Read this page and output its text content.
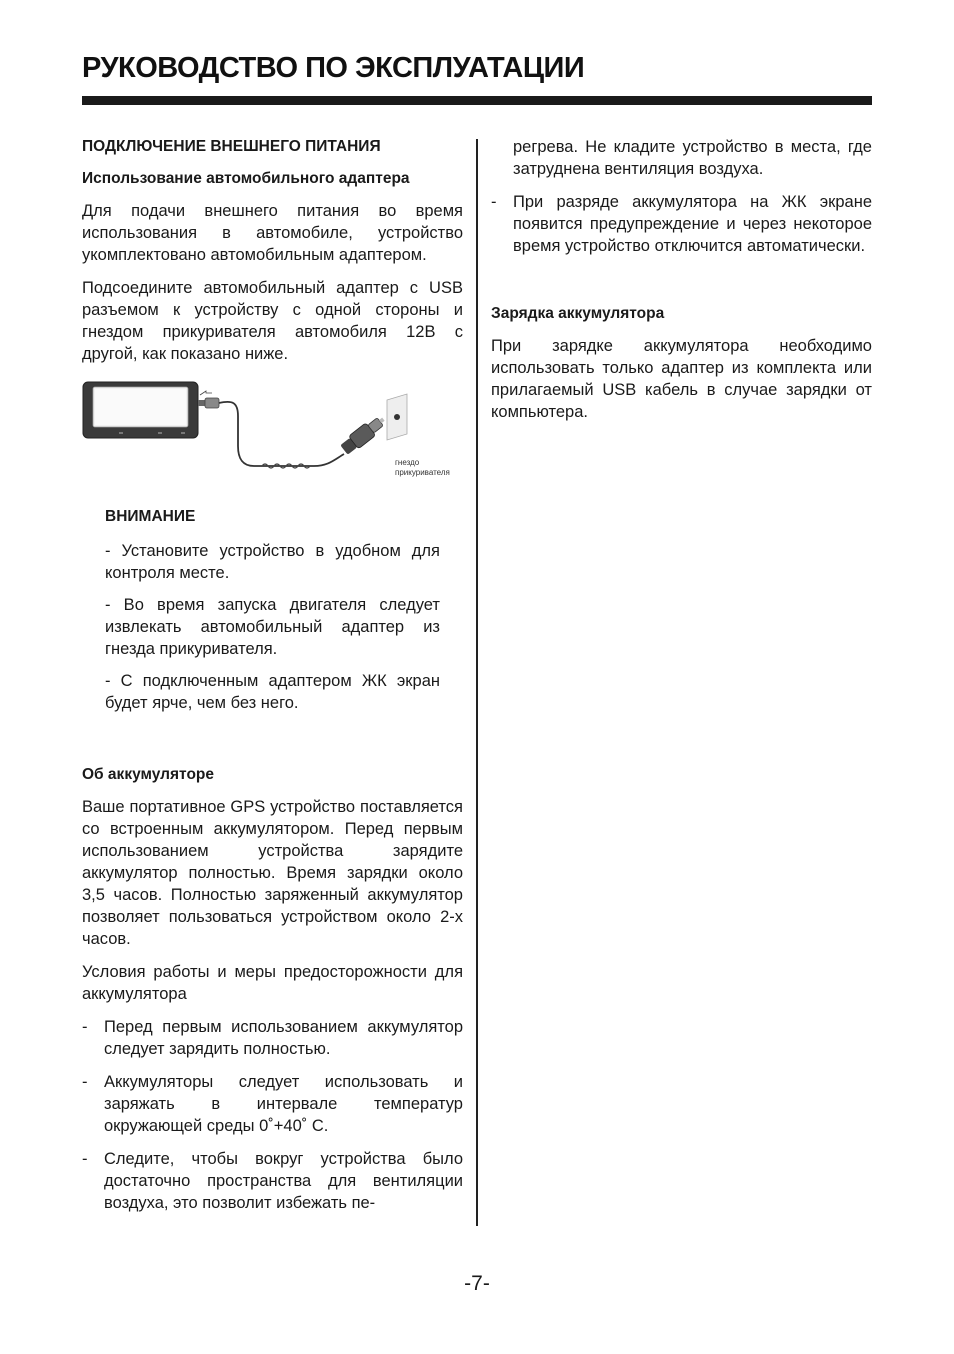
РУКОВОДСТВО ПО ЭКСПЛУАТАЦИИ
ПОДКЛЮЧЕНИЕ ВНЕШНЕГО ПИТАНИЯ
Использование автомобильного адаптера

Для подачи внешнего питания во время использования в автомобиле, устройство укомплектовано автомобильным адаптером.

Подсоедините автомобильный адаптер с USB разъемом к устройству с одной стороны и гнездом прикуривателя автомобиля 12В с другой, как показано ниже.

гнездо
прикуривателя
ВНИМАНИЕ

- Установите устройство в удобном для контроля месте.

- Во время запуска двигателя следует извлекать автомобильный адаптер из гнезда прикуривателя.

- С подключенным адаптером ЖК экран будет ярче, чем без него.

Об аккумуляторе

Ваше портативное GPS устройство поставляется со встроенным аккумулятором. Перед первым использованием устройства зарядите аккумулятор полностью. Время зарядки около 3,5 часов. Полностью заряженный аккумулятор позволяет пользоваться устройством около 2-х часов.

Условия работы и меры предосторожности для аккумулятора

- Перед первым использованием аккумулятор следует зарядить полностью.
- Аккумуляторы следует использовать и заряжать в интервале температур окружающей среды 0˚+40˚ С.
- Следите, чтобы вокруг устройства было достаточно пространства для вентиляции воздуха, это позволит избежать пе-

регрева. Не кладите устройство в места, где затруднена вентиляция воздуха.

- При разряде аккумулятора на ЖК экране появится предупреждение и через некоторое время устройство отключится автоматически.
Зарядка аккумулятора

При зарядке аккумулятора необходимо использовать только адаптер из комплекта или прилагаемый USB кабель в случае зарядки от компьютера.

-7-
